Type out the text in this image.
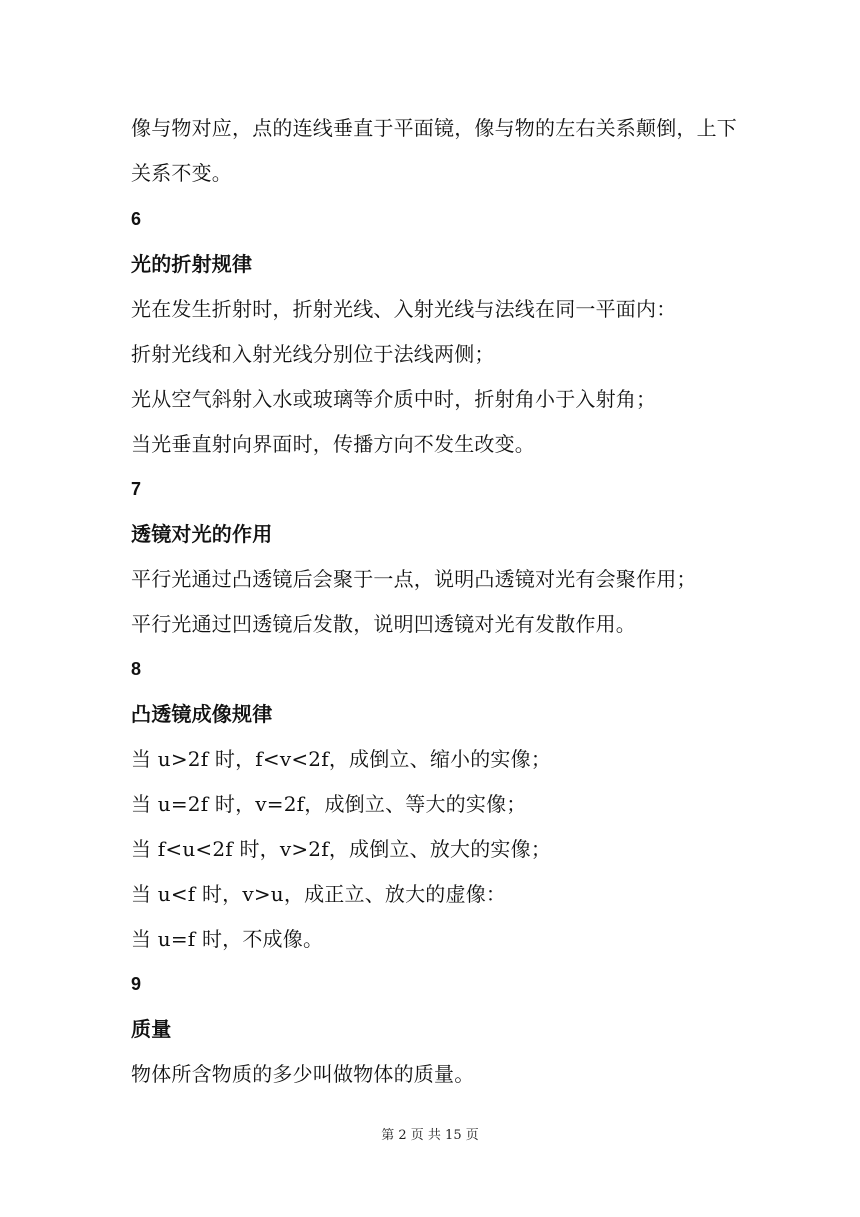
像与物对应，点的连线垂直于平面镜，像与物的左右关系颠倒，上下
关系不变。
6
光的折射规律
光在发生折射时，折射光线、入射光线与法线在同一平面内：
折射光线和入射光线分别位于法线两侧；
光从空气斜射入水或玻璃等介质中时，折射角小于入射角；
当光垂直射向界面时，传播方向不发生改变。
7
透镜对光的作用
平行光通过凸透镜后会聚于一点，说明凸透镜对光有会聚作用；
平行光通过凹透镜后发散，说明凹透镜对光有发散作用。
8
凸透镜成像规律
当 u>2f 时，f<v<2f，成倒立、缩小的实像；
当 u=2f 时，v=2f，成倒立、等大的实像；
当 f<u<2f 时，v>2f，成倒立、放大的实像；
当 u<f 时，v>u，成正立、放大的虚像：
当 u=f 时，不成像。
9
质量
物体所含物质的多少叫做物体的质量。
第 2 页 共 15 页
